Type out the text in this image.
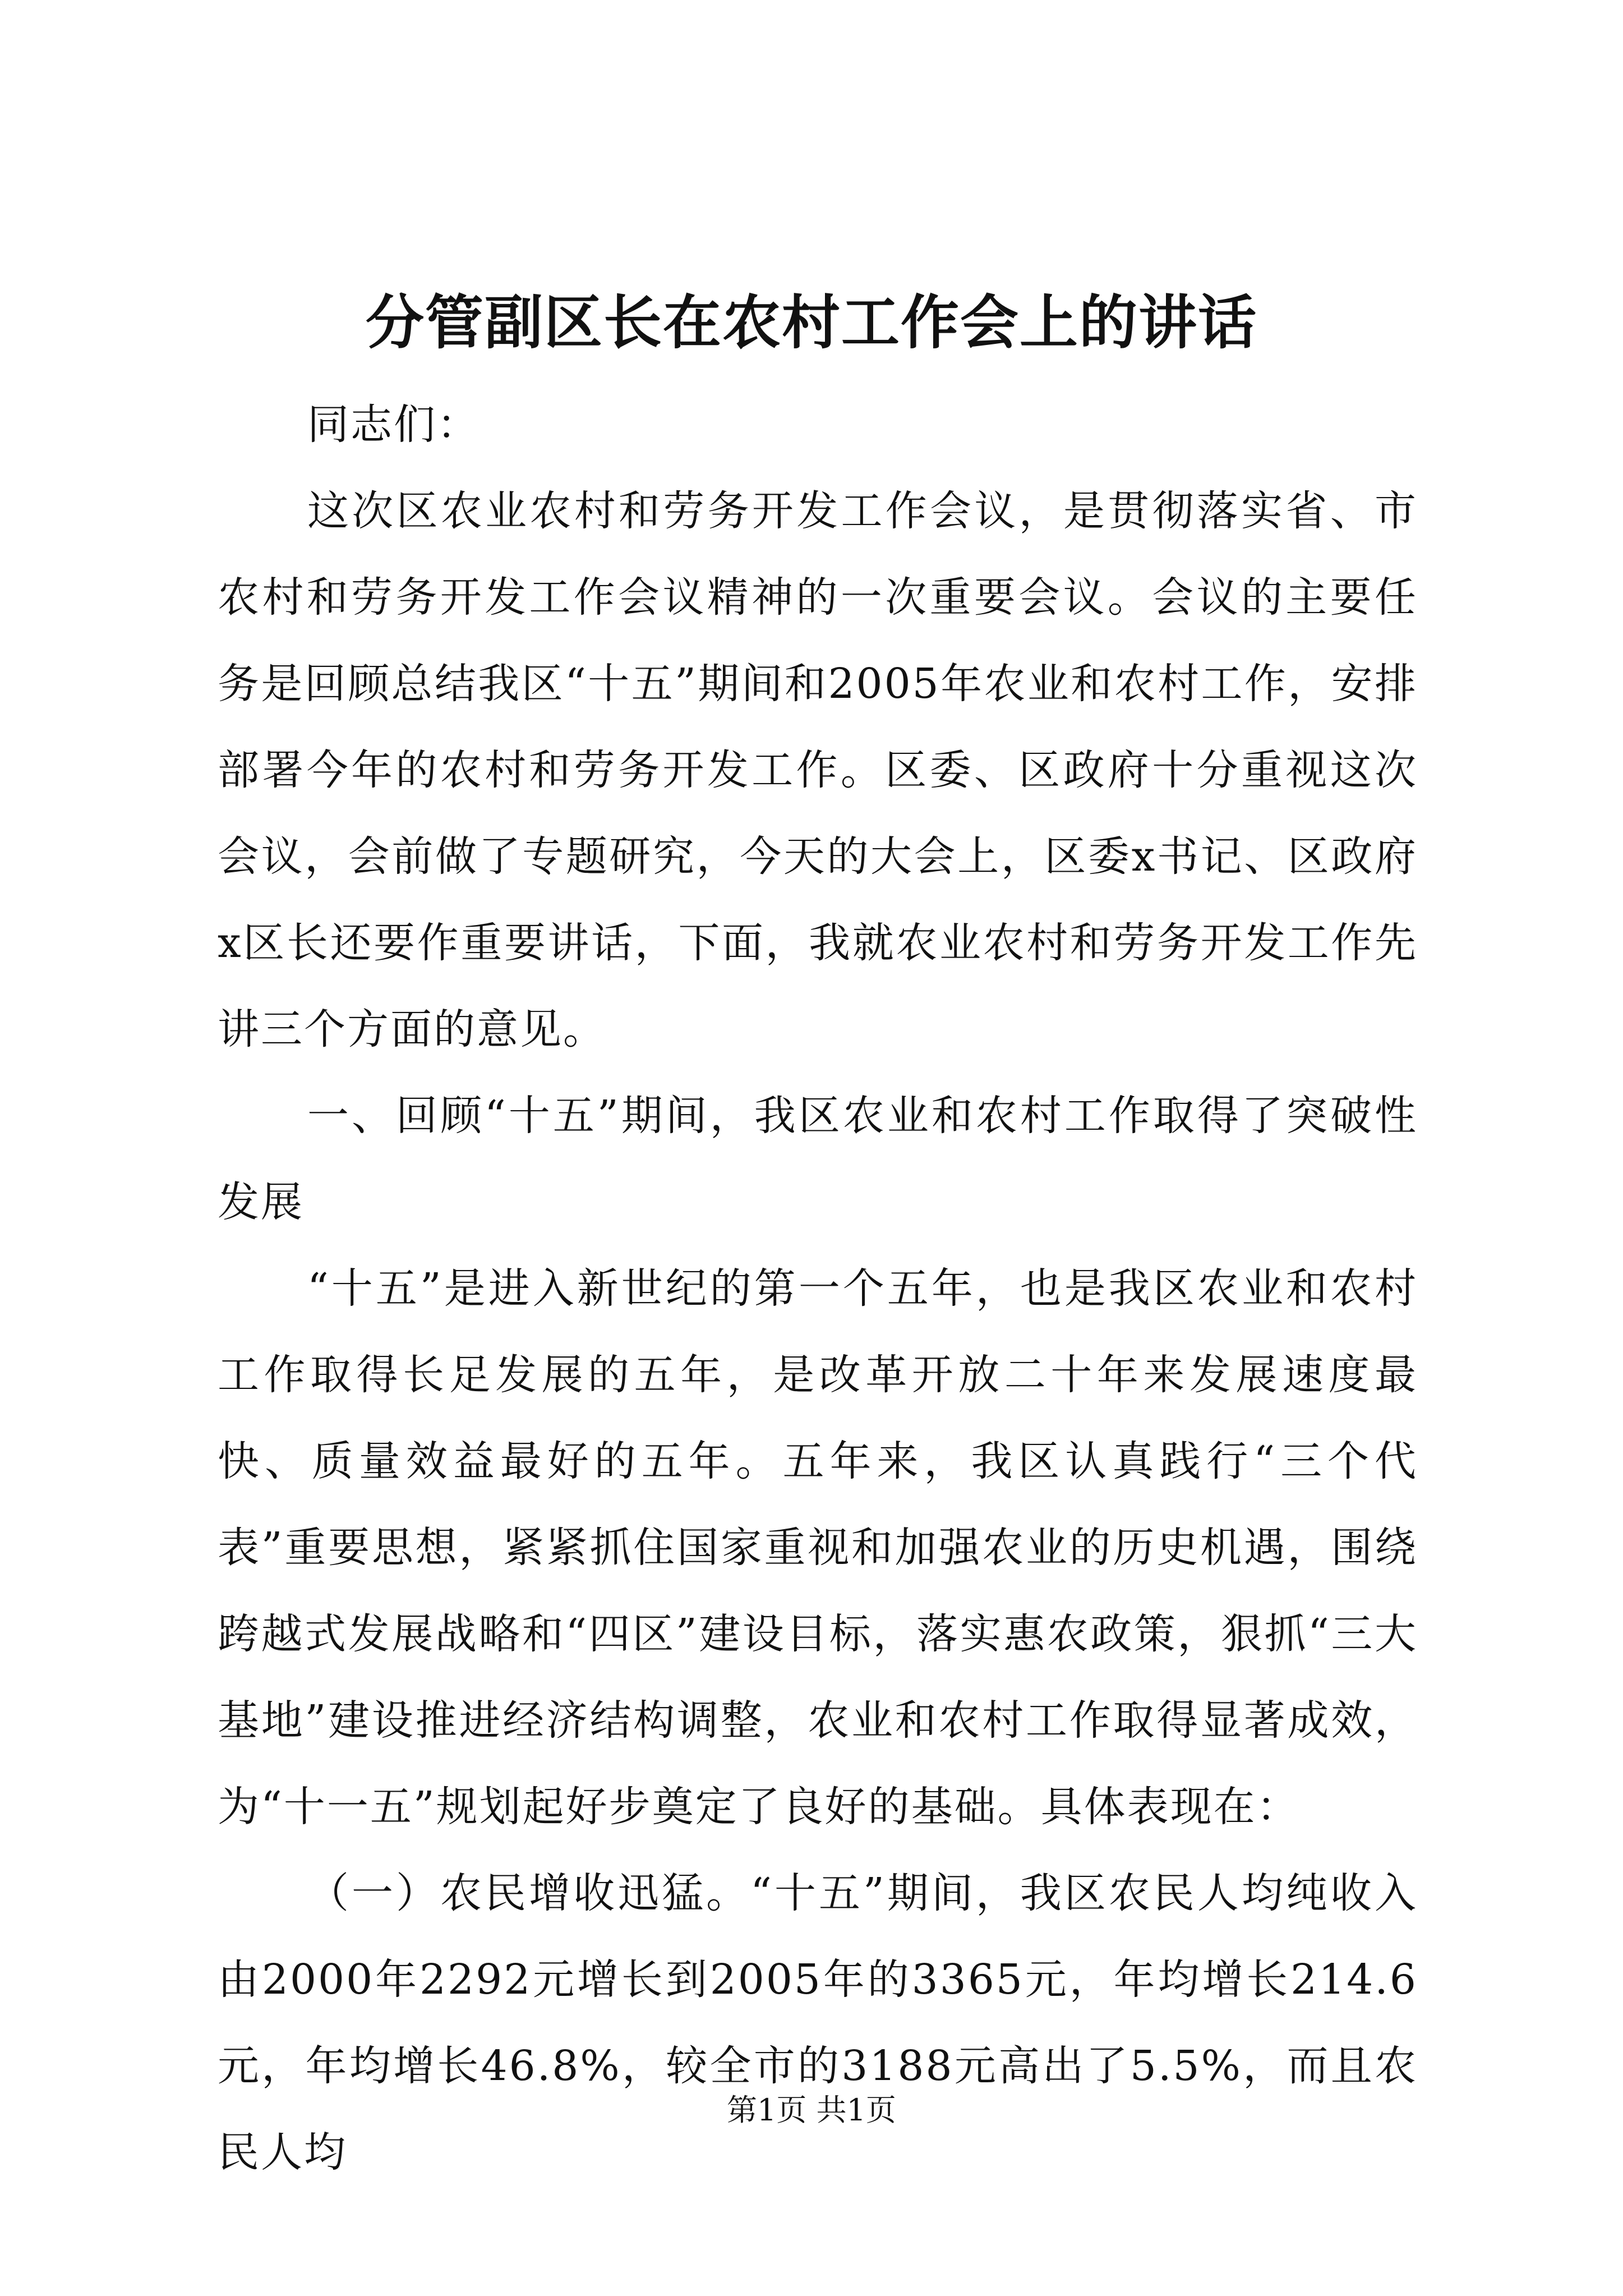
分管副区长在农村工作会上的讲话

同志们：

这次区农业农村和劳务开发工作会议，是贯彻落实省、市农村和劳务开发工作会议精神的一次重要会议。会议的主要任务是回顾总结我区“十五”期间和2005年农业和农村工作，安排部署今年的农村和劳务开发工作。区委、区政府十分重视这次会议，会前做了专题研究，今天的大会上，区委x书记、区政府x区长还要作重要讲话，下面，我就农业农村和劳务开发工作先讲三个方面的意见。

一、回顾“十五”期间，我区农业和农村工作取得了突破性发展

“十五”是进入新世纪的第一个五年，也是我区农业和农村工作取得长足发展的五年，是改革开放二十年来发展速度最快、质量效益最好的五年。五年来，我区认真践行“三个代表”重要思想，紧紧抓住国家重视和加强农业的历史机遇，围绕跨越式发展战略和“四区”建设目标，落实惠农政策，狠抓“三大基地”建设推进经济结构调整，农业和农村工作取得显著成效，为“十一五”规划起好步奠定了良好的基础。具体表现在：

（一）农民增收迅猛。“十五”期间，我区农民人均纯收入由2000年2292元增长到2005年的3365元，年均增长214.6元，年均增长46.8%，较全市的3188元高出了5.5%，而且农民人均

第1页 共1页
